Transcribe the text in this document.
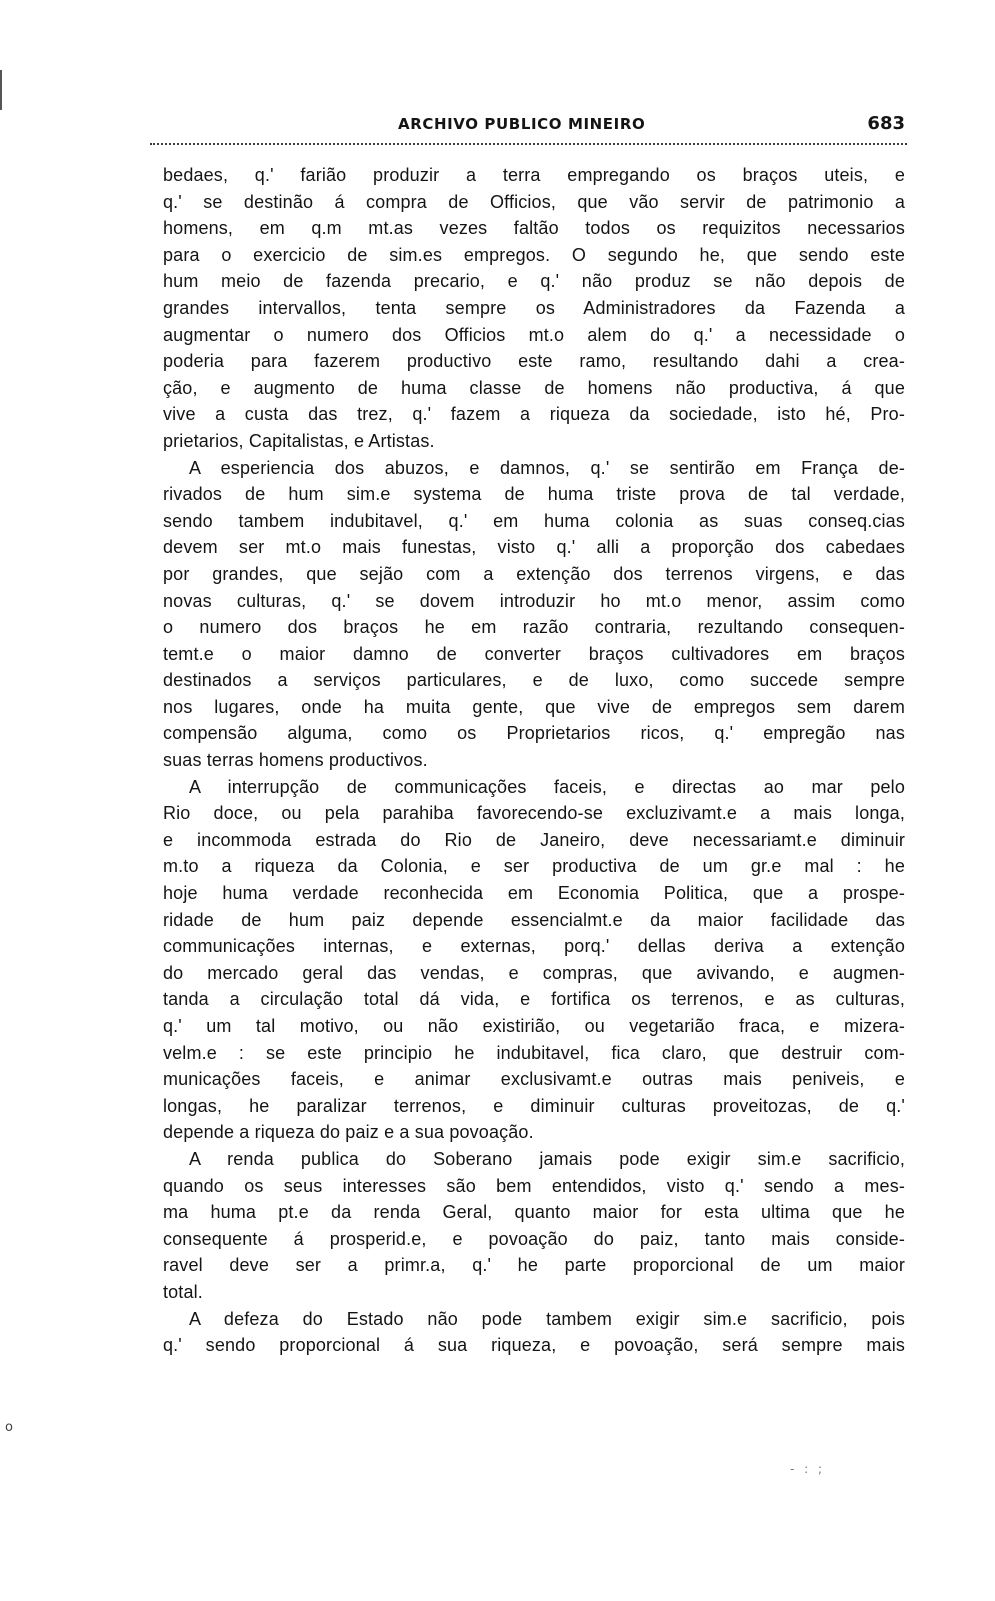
ARCHIVO PUBLICO MINEIRO	683
bedaes, q.' farião produzir a terra empregando os braços uteis, e
q.' se destinão á compra de Officios, que vão servir de patrimonio a
homens, em q.m mt.as vezes faltão todos os requizitos necessarios
para o exercicio de sim.es empregos. O segundo he, que sendo este
hum meio de fazenda precario, e q.' não produz se não depois de
grandes intervallos, tenta sempre os Administradores da Fazenda a
augmentar o numero dos Officios mt.o alem do q.' a necessidade o
poderia para fazerem productivo este ramo, resultando dahi a crea-
ção, e augmento de huma classe de homens não productiva, á que
vive a custa das trez, q.' fazem a riqueza da sociedade, isto hé, Pro-
prietarios, Capitalistas, e Artistas.
A esperiencia dos abuzos, e damnos, q.' se sentirão em França de-
rivados de hum sim.e systema de huma triste prova de tal verdade,
sendo tambem indubitavel, q.' em huma colonia as suas conseq.cias
devem ser mt.o mais funestas, visto q.' alli a proporção dos cabedaes
por grandes, que sejão com a extenção dos terrenos virgens, e das
novas culturas, q.' se dovem introduzir ho mt.o menor, assim como
o numero dos braços he em razão contraria, rezultando consequen-
temt.e o maior damno de converter braços cultivadores em braços
destinados a serviços particulares, e de luxo, como succede sempre
nos lugares, onde ha muita gente, que vive de empregos sem darem
compensão alguma, como os Proprietarios ricos, q.' empregão nas
suas terras homens productivos.
A interrupção de communicações faceis, e directas ao mar pelo
Rio doce, ou pela parahiba favorecendo-se excluzivamt.e a mais longa,
e incommoda estrada do Rio de Janeiro, deve necessariamt.e diminuir
m.to a riqueza da Colonia, e ser productiva de um gr.e mal : he
hoje huma verdade reconhecida em Economia Politica, que a prospe-
ridade de hum paiz depende essencialmt.e da maior facilidade das
communicações internas, e externas, porq.' dellas deriva a extenção
do mercado geral das vendas, e compras, que avivando, e augmen-
tanda a circulação total dá vida, e fortifica os terrenos, e as culturas,
q.' um tal motivo, ou não existirião, ou vegetarião fraca, e mizera-
velm.e : se este principio he indubitavel, fica claro, que destruir com-
municações faceis, e animar exclusivamt.e outras mais peniveis, e
longas, he paralizar terrenos, e diminuir culturas proveitozas, de q.'
depende a riqueza do paiz e a sua povoação.
A renda publica do Soberano jamais pode exigir sim.e sacrificio,
quando os seus interesses são bem entendidos, visto q.' sendo a mes-
ma huma pt.e da renda Geral, quanto maior for esta ultima que he
consequente á prosperid.e, e povoação do paiz, tanto mais conside-
ravel deve ser a primr.a, q.' he parte proporcional de um maior
total.
A defeza do Estado não pode tambem exigir sim.e sacrificio, pois
q.' sendo proporcional á sua riqueza, e povoação, será sempre mais
o
- : ;
